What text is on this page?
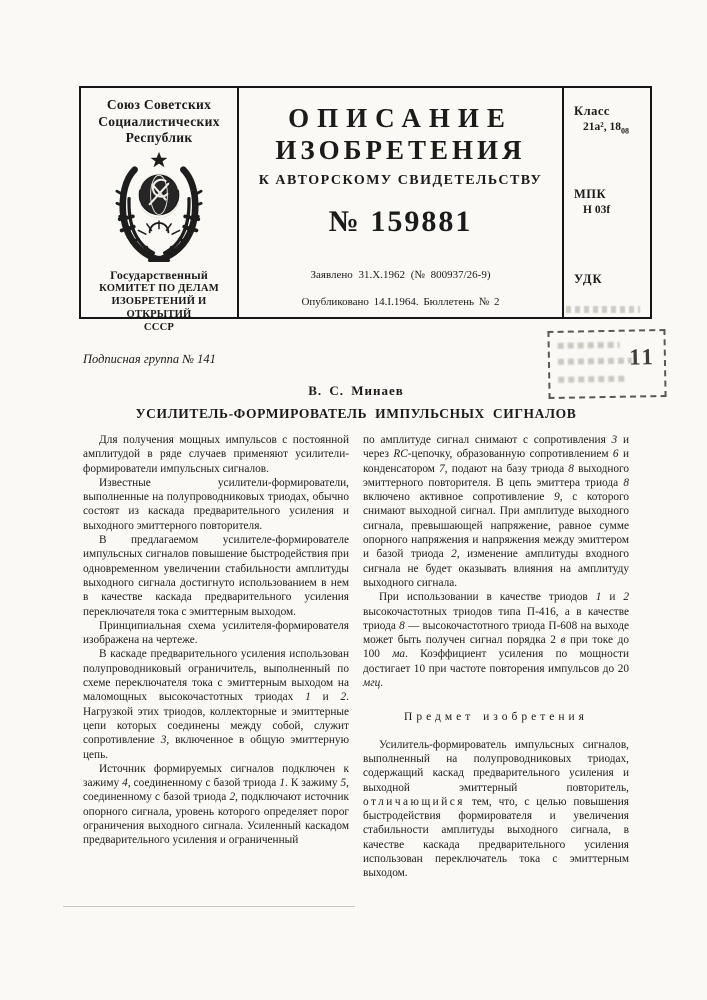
Союз Советских
Социалистических
Республик
Государственный
КОМИТЕТ ПО ДЕЛАМ
ИЗОБРЕТЕНИЙ И ОТКРЫТИЙ
СССР
ОПИСАНИЕ
ИЗОБРЕТЕНИЯ
К АВТОРСКОМУ СВИДЕТЕЛЬСТВУ
№ 159881
Заявлено 31.X.1962 (№ 800937/26-9)
Опубликовано 14.I.1964. Бюллетень № 2
Класс
21а², $18_{08}$
МПК
Н 03f
УДК
11
Подписная группа № 141
В. С. Минаев
УСИЛИТЕЛЬ-ФОРМИРОВАТЕЛЬ ИМПУЛЬСНЫХ СИГНАЛОВ

Для получения мощных импульсов с постоянной амплитудой в ряде случаев применяют усилители-формирователи импульсных сигналов.

Известные усилители-формирователи, выполненные на полупроводниковых триодах, обычно состоят из каскада предварительного усиления и выходного эмиттерного повторителя.

В предлагаемом усилителе-формирователе импульсных сигналов повышение быстродействия при одновременном увеличении стабильности амплитуды выходного сигнала достигнуто использованием в нем в качестве каскада предварительного усиления переключателя тока с эмиттерным выходом.

Принципиальная схема усилителя-формирователя изображена на чертеже.

В каскаде предварительного усиления использован полупроводниковый ограничитель, выполненный по схеме переключателя тока с эмиттерным выходом на маломощных высокочастотных триодах 1 и 2. Нагрузкой этих триодов, коллекторные и эмиттерные цепи которых соединены между собой, служит сопротивление 3, включенное в общую эмиттерную цепь.

Источник формируемых сигналов подключен к зажиму 4, соединенному с базой триода 1. К зажиму 5, соединенному с базой триода 2, подключают источник опорного сигнала, уровень которого определяет порог ограничения выходного сигнала. Усиленный каскадом предварительного усиления и ограниченный

по амплитуде сигнал снимают с сопротивления 3 и через RC-цепочку, образованную сопротивлением 6 и конденсатором 7, подают на базу триода 8 выходного эмиттерного повторителя. В цепь эмиттера триода 8 включено активное сопротивление 9, с которого снимают выходной сигнал. При амплитуде выходного сигнала, превышающей напряжение, равное сумме опорного напряжения и напряжения между эмиттером и базой триода 2, изменение амплитуды входного сигнала не будет оказывать влияния на амплитуду выходного сигнала.

При использовании в качестве триодов 1 и 2 высокочастотных триодов типа П-416, а в качестве триода 8 — высокочастотного триода П-608 на выходе может быть получен сигнал порядка 2 в при токе до 100 ма. Коэффициент усиления по мощности достигает 10 при частоте повторения импульсов до 20 мгц.

Предмет изобретения

Усилитель-формирователь импульсных сигналов, выполненный на полупроводниковых триодах, содержащий каскад предварительного усиления и выходной эмиттерный повторитель, отличающийся тем, что, с целью повышения быстродействия формирователя и увеличения стабильности амплитуды выходного сигнала, в качестве каскада предварительного усиления использован переключатель тока с эмиттерным выходом.
